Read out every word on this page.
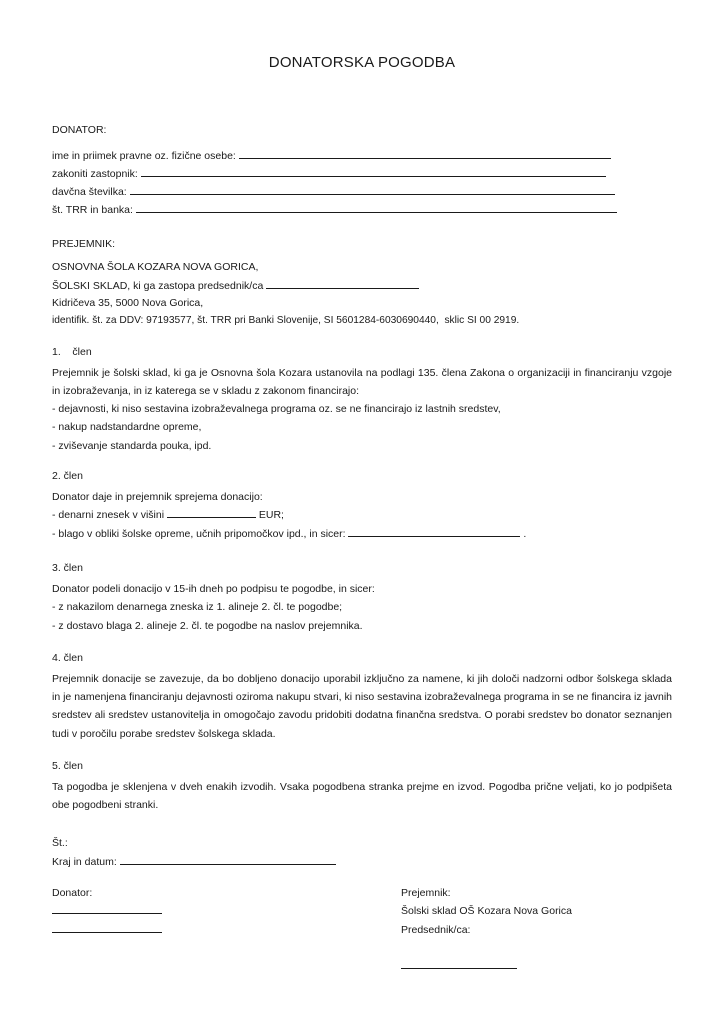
DONATORSKA POGODBA
DONATOR:
ime in priimek pravne oz. fizične osebe:
zakoniti zastopnik:
davčna številka:
št. TRR in banka:
PREJEMNIK:
OSNOVNA ŠOLA KOZARA NOVA GORICA,
ŠOLSKI SKLAD, ki ga zastopa predsednik/ca
Kidričeva 35, 5000 Nova Gorica,
identifik. št. za DDV: 97193577, št. TRR pri Banki Slovenije, SI 5601284-6030690440,  sklic SI 00 2919.
1.    člen
Prejemnik je šolski sklad, ki ga je Osnovna šola Kozara ustanovila na podlagi 135. člena Zakona o organizaciji in financiranju vzgoje in izobraževanja, in iz katerega se v skladu z zakonom financirajo:
- dejavnosti, ki niso sestavina izobraževalnega programa oz. se ne financirajo iz lastnih sredstev,
- nakup nadstandardne opreme,
- zviševanje standarda pouka, ipd.
2. člen
Donator daje in prejemnik sprejema donacijo:
- denarni znesek v višini	EUR;
- blago v obliki šolske opreme, učnih pripomočkov ipd., in sicer:	.
3. člen
Donator podeli donacijo v 15-ih dneh po podpisu te pogodbe, in sicer:
- z nakazilom denarnega zneska iz 1. alineje 2. čl. te pogodbe;
- z dostavo blaga 2. alineje 2. čl. te pogodbe na naslov prejemnika.
4. člen
Prejemnik donacije se zavezuje, da bo dobljeno donacijo uporabil izključno za namene, ki jih določi nadzorni odbor šolskega sklada in je namenjena financiranju dejavnosti oziroma nakupu stvari, ki niso sestavina izobraževalnega programa in se ne financira iz javnih sredstev ali sredstev ustanovitelja in omogočajo zavodu pridobiti dodatna finančna sredstva. O porabi sredstev bo donator seznanjen tudi v poročilu porabe sredstev šolskega sklada.
5. člen
Ta pogodba je sklenjena v dveh enakih izvodih. Vsaka pogodbena stranka prejme en izvod. Pogodba prične veljati, ko jo podpišeta obe pogodbeni stranki.
Št.:
Kraj in datum:
Donator:	Prejemnik:
Šolski sklad OŠ Kozara Nova Gorica
Predsednik/ca:
